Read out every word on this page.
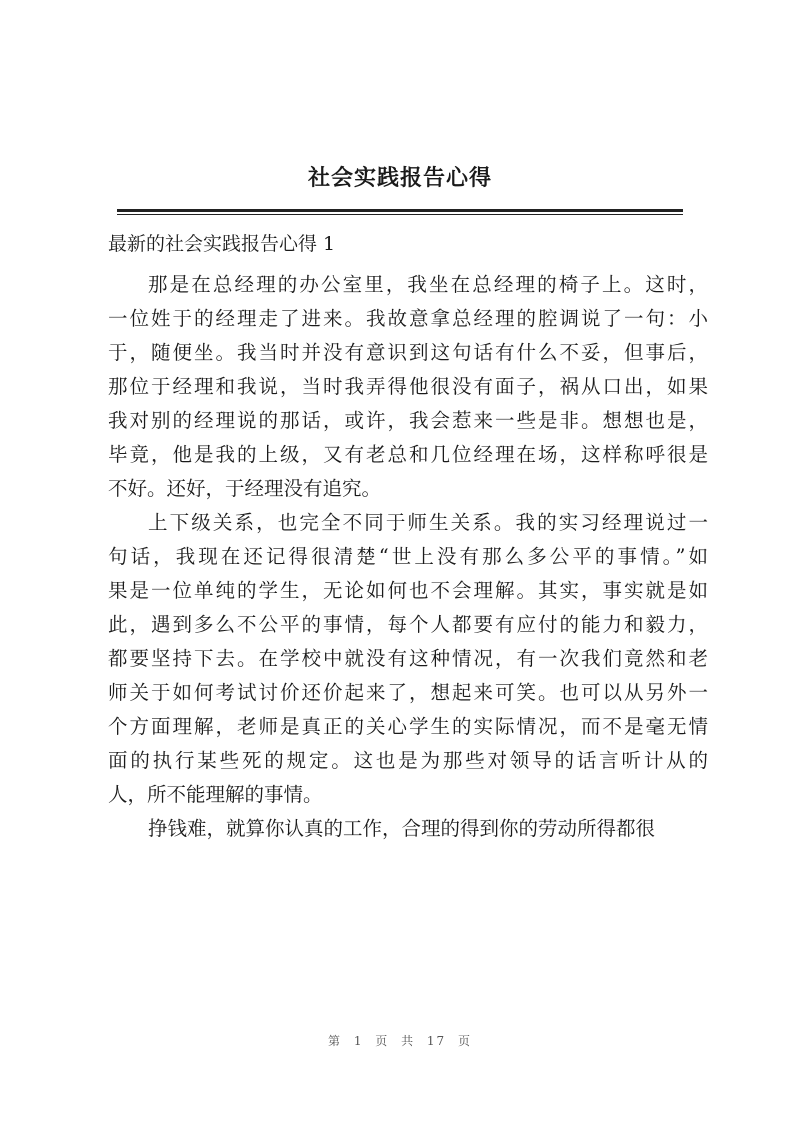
社会实践报告心得
最新的社会实践报告心得 1
那是在总经理的办公室里，我坐在总经理的椅子上。这时，
一位姓于的经理走了进来。我故意拿总经理的腔调说了一句：小
于，随便坐。我当时并没有意识到这句话有什么不妥，但事后，
那位于经理和我说，当时我弄得他很没有面子，祸从口出，如果
我对别的经理说的那话，或许，我会惹来一些是非。想想也是，
毕竟，他是我的上级，又有老总和几位经理在场，这样称呼很是
不好。还好，于经理没有追究。
上下级关系，也完全不同于师生关系。我的实习经理说过一
句话，我现在还记得很清楚“世上没有那么多公平的事情。”如
果是一位单纯的学生，无论如何也不会理解。其实，事实就是如
此，遇到多么不公平的事情，每个人都要有应付的能力和毅力，
都要坚持下去。在学校中就没有这种情况，有一次我们竟然和老
师关于如何考试讨价还价起来了，想起来可笑。也可以从另外一
个方面理解，老师是真正的关心学生的实际情况，而不是毫无情
面的执行某些死的规定。这也是为那些对领导的话言听计从的
人，所不能理解的事情。
挣钱难，就算你认真的工作，合理的得到你的劳动所得都很
第 1 页 共 17 页
